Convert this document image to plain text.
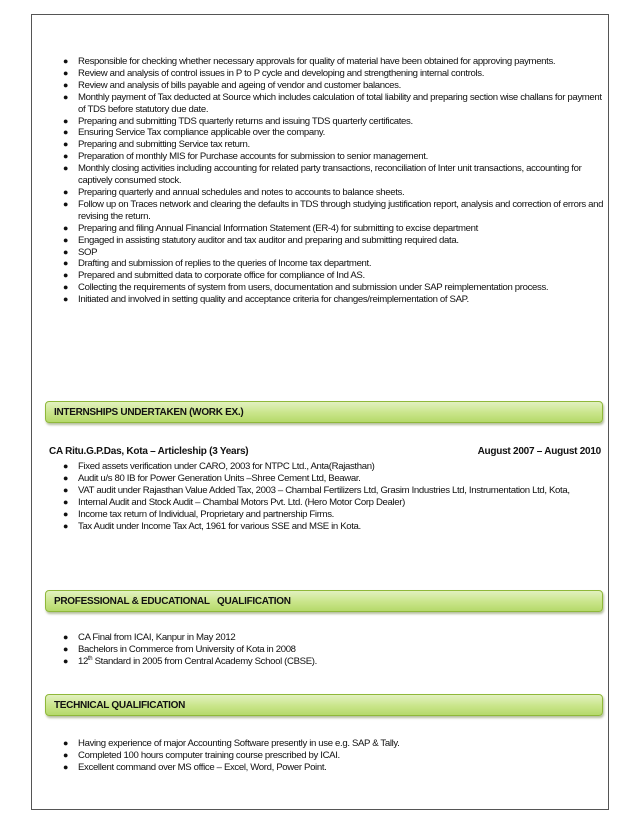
● Responsible for checking whether necessary approvals for quality of material have been obtained for approving payments.
● Review and analysis of control issues in P to P cycle and developing and strengthening internal controls.
● Review and analysis of bills payable and ageing of vendor and customer balances.
● Monthly payment of Tax deducted at Source which includes calculation of total liability and preparing section wise challans for payment of TDS before statutory due date.
● Preparing and submitting TDS quarterly returns and issuing TDS quarterly certificates.
● Ensuring Service Tax compliance applicable over the company.
● Preparing and submitting Service tax return.
● Preparation of monthly MIS for Purchase accounts for submission to senior management.
● Monthly closing activities including accounting for related party transactions, reconciliation of Inter unit transactions, accounting for captively consumed stock.
● Preparing quarterly and annual schedules and notes to accounts to balance sheets.
● Follow up on Traces network and clearing the defaults in TDS through studying justification report, analysis and correction of errors and revising the return.
● Preparing and filing Annual Financial Information Statement (ER-4) for submitting to excise department
● Engaged in assisting statutory auditor and tax auditor and preparing and submitting required data.
● SOP
● Drafting and submission of replies to the queries of Income tax department.
● Prepared and submitted data to corporate office for compliance of Ind AS.
● Collecting the requirements of system from users, documentation and submission under SAP reimplementation process.
● Initiated and involved in setting quality and acceptance criteria for changes/reimplementation of SAP.
INTERNSHIPS UNDERTAKEN (WORK EX.)
CA Ritu.G.P.Das, Kota – Articleship (3 Years)	August 2007 – August 2010
● Fixed assets verification under CARO, 2003 for NTPC Ltd., Anta(Rajasthan)
● Audit u/s 80 IB for Power Generation Units –Shree Cement Ltd, Beawar.
● VAT audit under Rajasthan Value Added Tax, 2003 – Chambal Fertilizers Ltd, Grasim Industries Ltd, Instrumentation Ltd, Kota,
● Internal Audit and Stock Audit – Chambal Motors Pvt. Ltd. (Hero Motor Corp Dealer)
● Income tax return of Individual, Proprietary and partnership Firms.
● Tax Audit under Income Tax Act, 1961 for various SSE and MSE in Kota.
PROFESSIONAL & EDUCATIONAL   QUALIFICATION
● CA Final from ICAI, Kanpur in May 2012
● Bachelors in Commerce from University of Kota in 2008
● 12th Standard in 2005 from Central Academy School (CBSE).
TECHNICAL QUALIFICATION
● Having experience of major Accounting Software presently in use e.g. SAP & Tally.
● Completed 100 hours computer training course prescribed by ICAI.
● Excellent command over MS office – Excel, Word, Power Point.
